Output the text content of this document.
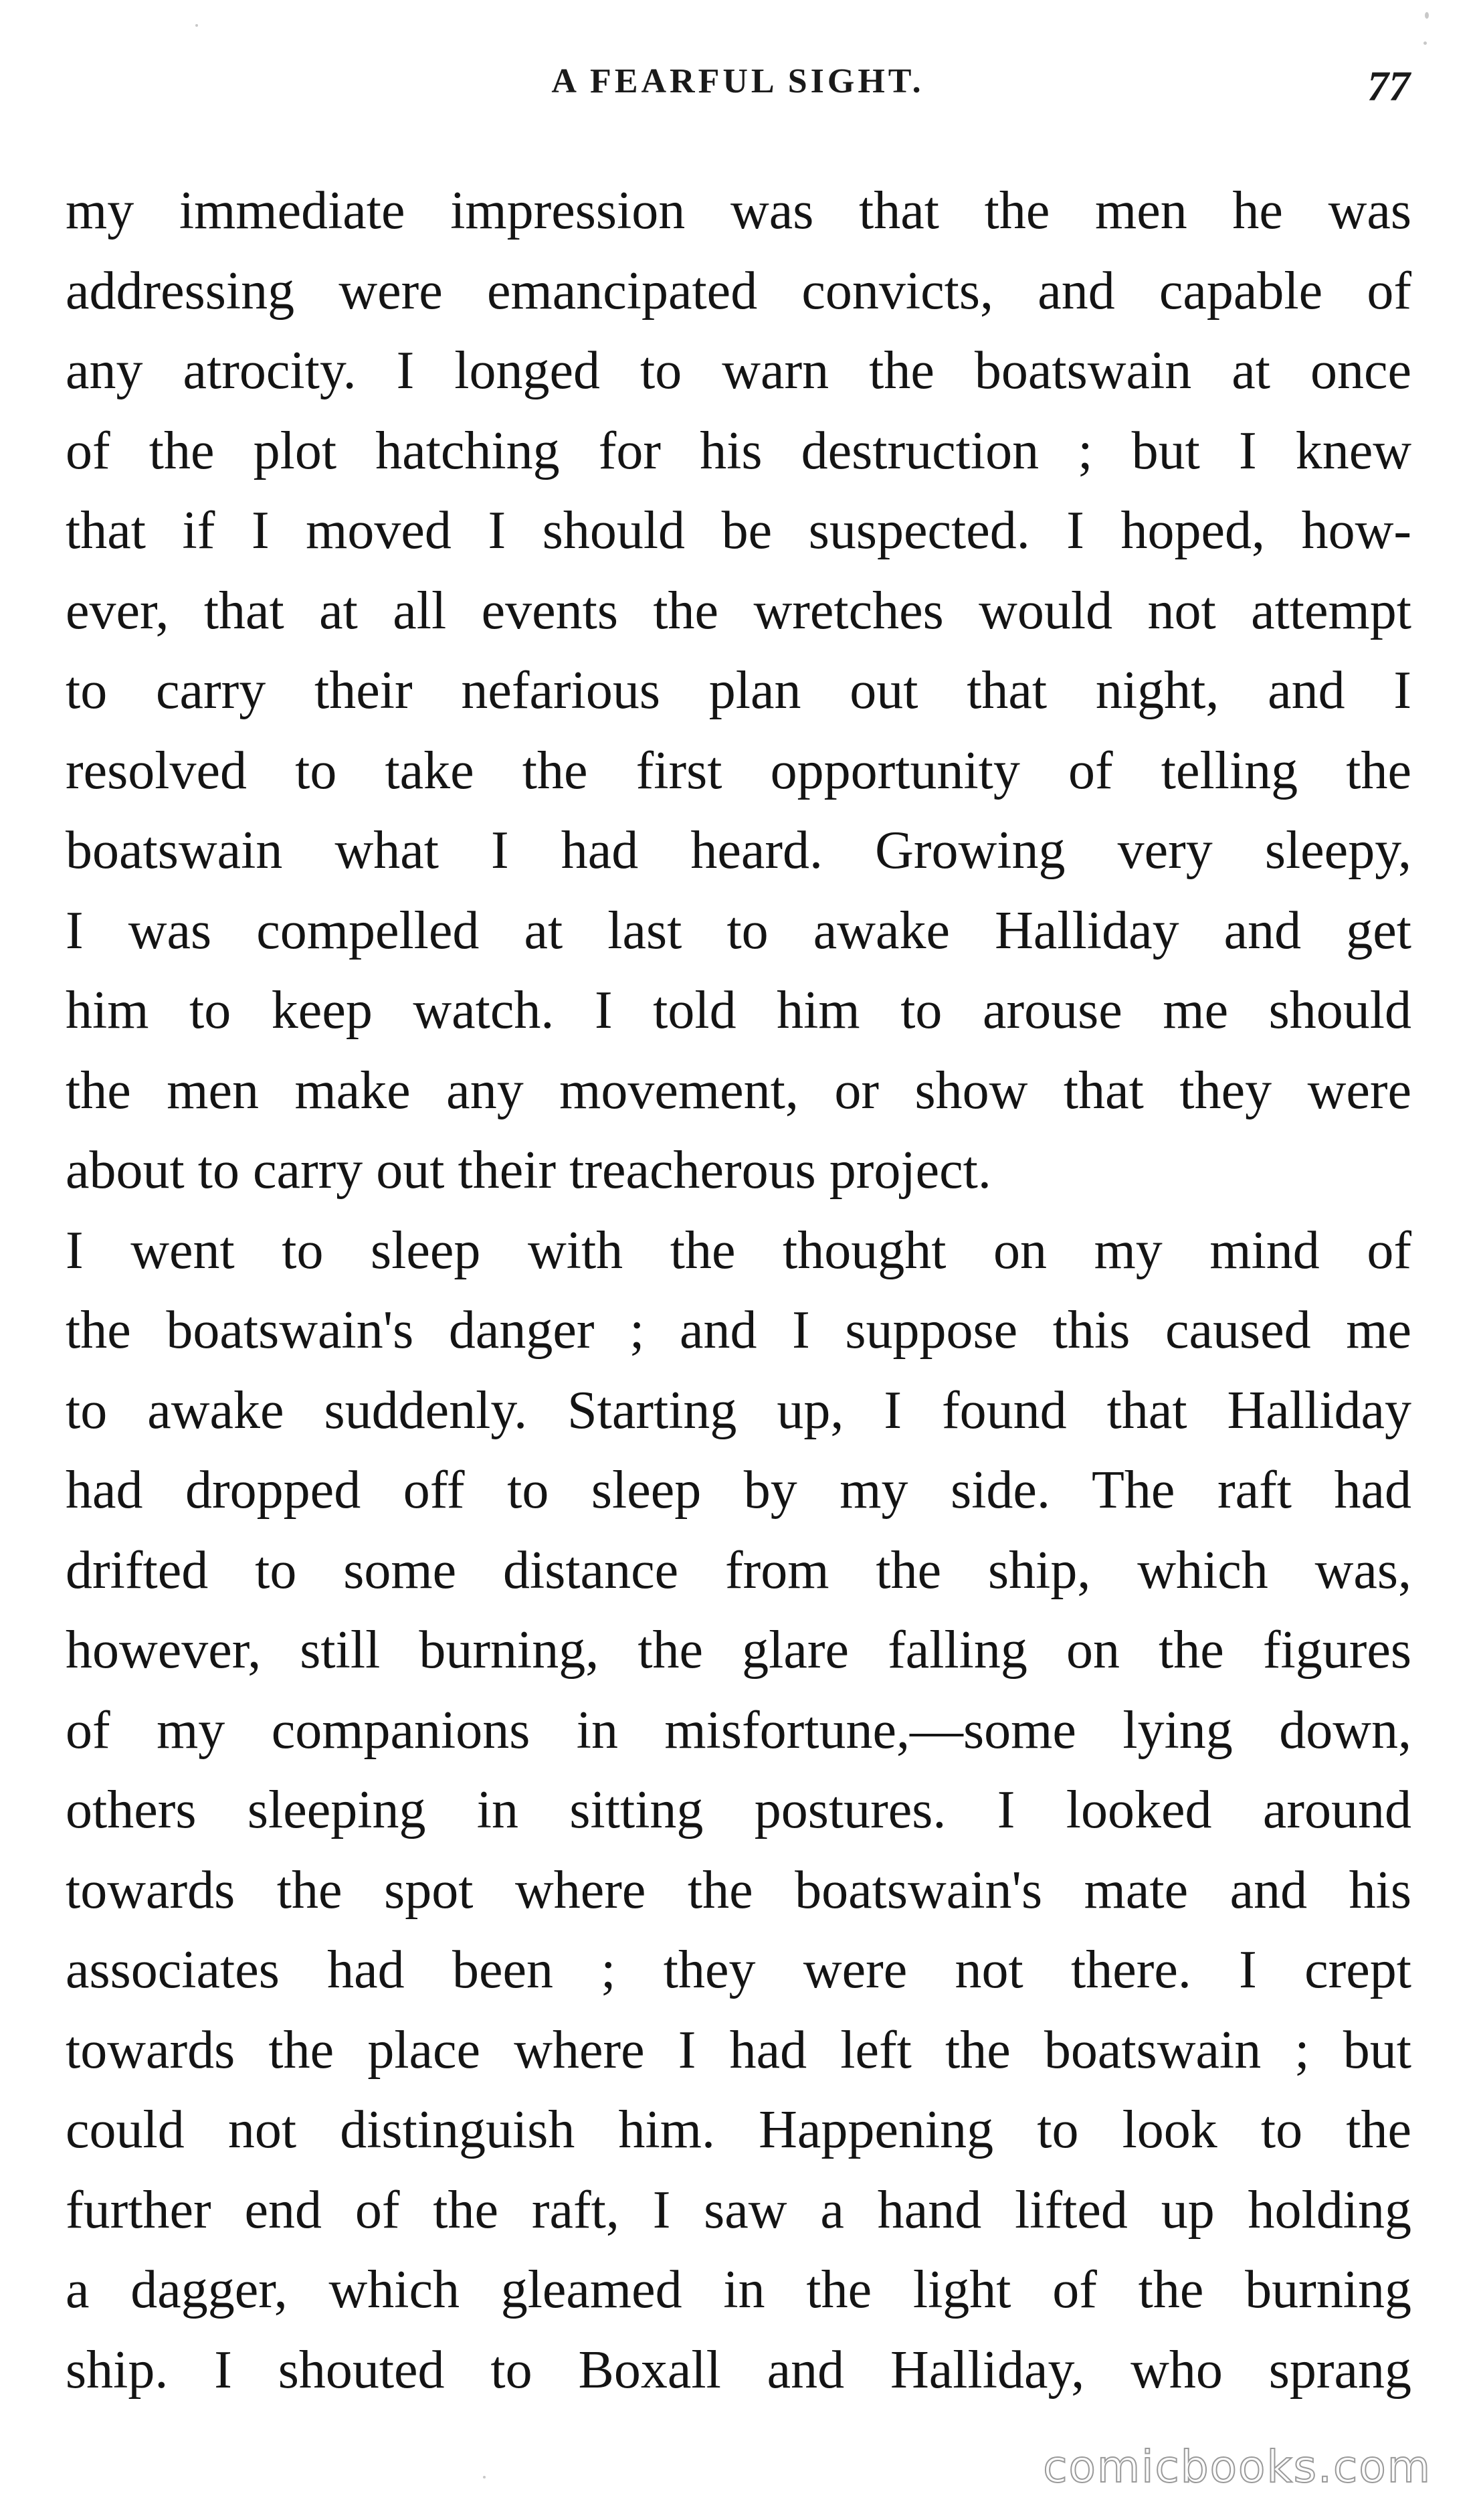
A FEARFUL SIGHT.	77
my immediate impression was that the men he was
addressing were emancipated convicts, and capable of
any atrocity. I longed to warn the boatswain at once
of the plot hatching for his destruction ; but I knew
that if I moved I should be suspected. I hoped, how-
ever, that at all events the wretches would not attempt
to carry their nefarious plan out that night, and I
resolved to take the first opportunity of telling the
boatswain what I had heard. Growing very sleepy,
I was compelled at last to awake Halliday and get
him to keep watch. I told him to arouse me should
the men make any movement, or show that they were
about to carry out their treacherous project.
I went to sleep with the thought on my mind of
the boatswain's danger ; and I suppose this caused me
to awake suddenly. Starting up, I found that Halliday
had dropped off to sleep by my side. The raft had
drifted to some distance from the ship, which was,
however, still burning, the glare falling on the figures
of my companions in misfortune,—some lying down,
others sleeping in sitting postures. I looked around
towards the spot where the boatswain's mate and his
associates had been ; they were not there. I crept
towards the place where I had left the boatswain ; but
could not distinguish him. Happening to look to the
further end of the raft, I saw a hand lifted up holding
a dagger, which gleamed in the light of the burning
ship. I shouted to Boxall and Halliday, who sprang
comicbooks.com
